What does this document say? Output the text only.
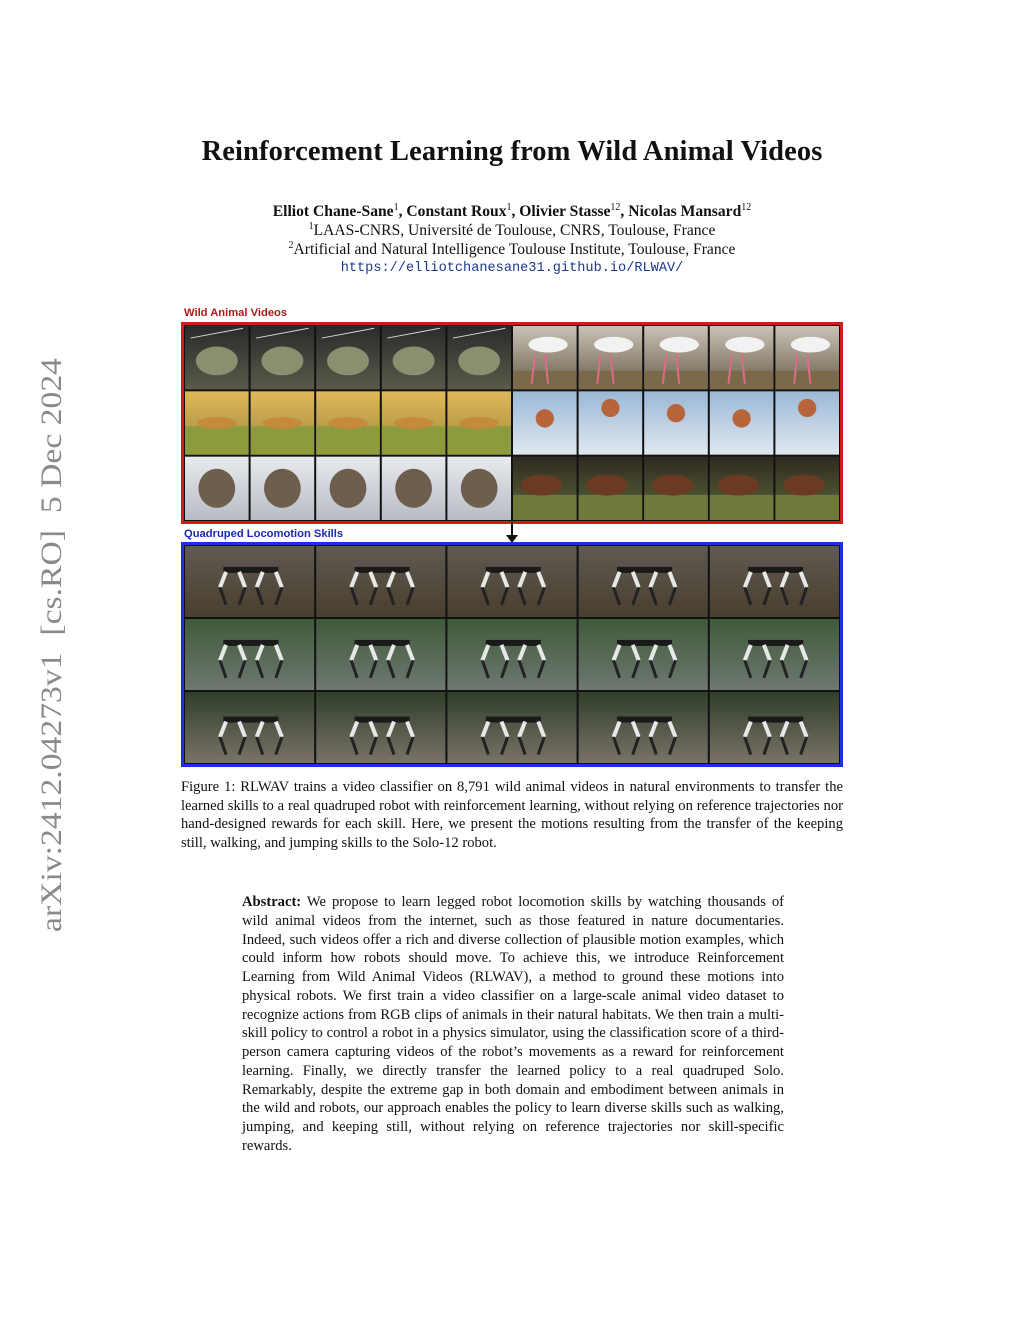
arXiv:2412.04273v1  [cs.RO]  5 Dec 2024
Reinforcement Learning from Wild Animal Videos
Elliot Chane-Sane$^1$, Constant Roux$^1$, Olivier Stasse$^{12}$, Nicolas Mansard$^{12}$
$^1$LAAS-CNRS, Université de Toulouse, CNRS, Toulouse, France
$^2$Artificial and Natural Intelligence Toulouse Institute, Toulouse, France
https://elliotchanesane31.github.io/RLWAV/
Wild Animal Videos
Quadruped Locomotion Skills

Figure 1: RLWAV trains a video classifier on 8,791 wild animal videos in natural environments to transfer the learned skills to a real quadruped robot with reinforcement learning, without relying on reference trajectories nor hand-designed rewards for each skill. Here, we present the motions resulting from the transfer of the keeping still, walking, and jumping skills to the Solo-12 robot.

Abstract: We propose to learn legged robot locomotion skills by watching thousands of wild animal videos from the internet, such as those featured in nature documentaries. Indeed, such videos offer a rich and diverse collection of plausible motion examples, which could inform how robots should move. To achieve this, we introduce Reinforcement Learning from Wild Animal Videos (RLWAV), a method to ground these motions into physical robots. We first train a video classifier on a large-scale animal video dataset to recognize actions from RGB clips of animals in their natural habitats. We then train a multi-skill policy to control a robot in a physics simulator, using the classification score of a third-person camera capturing videos of the robot’s movements as a reward for reinforcement learning. Finally, we directly transfer the learned policy to a real quadruped Solo. Remarkably, despite the extreme gap in both domain and embodiment between animals in the wild and robots, our approach enables the policy to learn diverse skills such as walking, jumping, and keeping still, without relying on reference trajectories nor skill-specific rewards.
